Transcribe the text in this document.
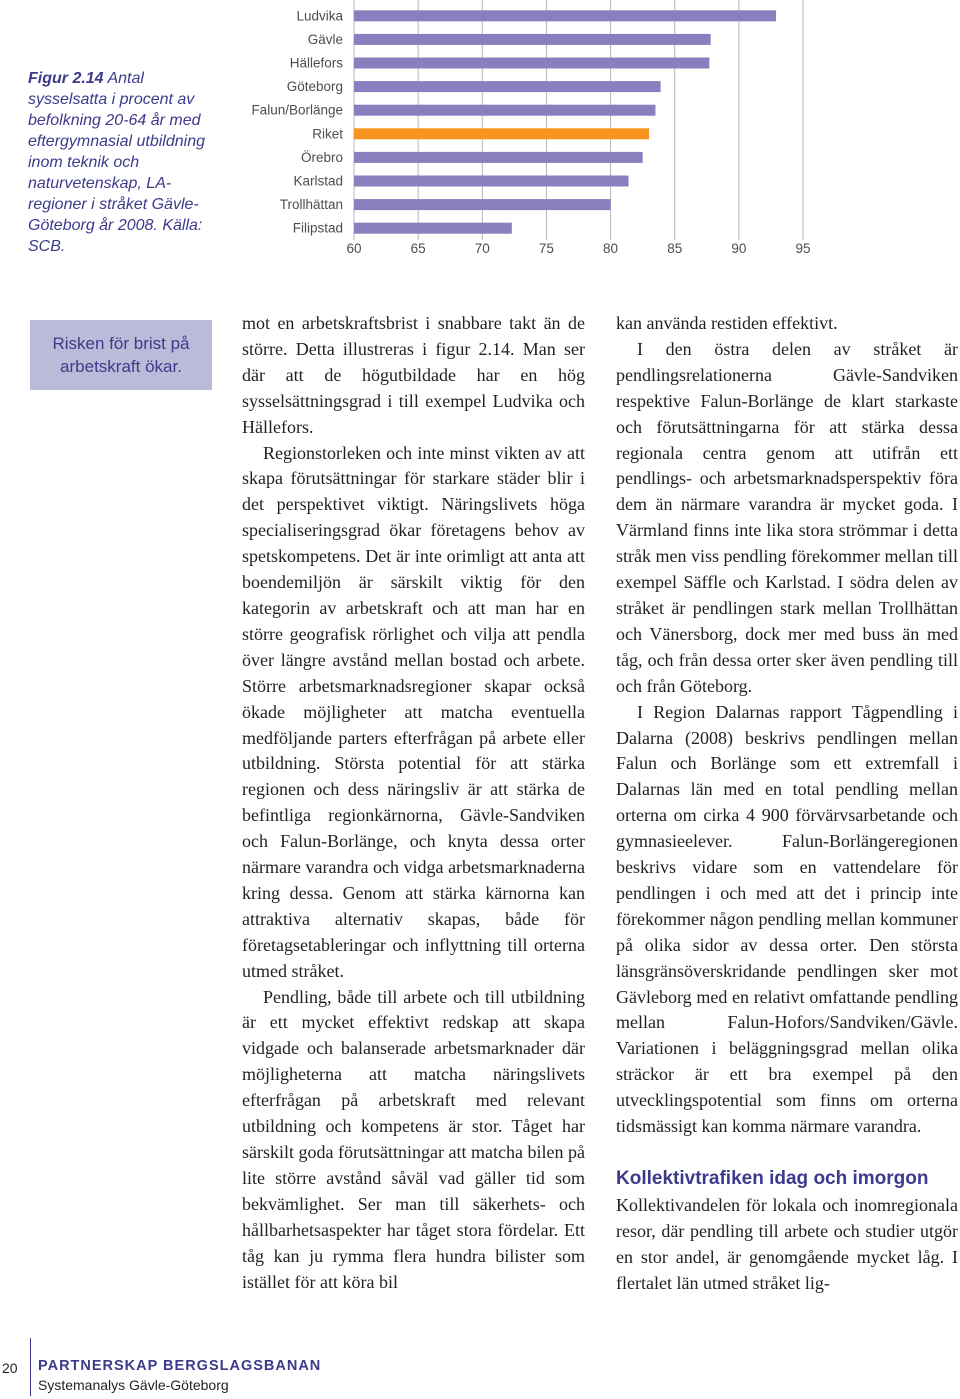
Figur 2.14 Antal sysselsatta i procent av befolkning 20-64 år med eftergymnasial utbildning inom teknik och naturvetenskap, LA-regioner i stråket Gävle-Göteborg år 2008. Källa: SCB.
Ludvika
Gävle
Hällefors
Göteborg
Falun/Borlänge
Riket
Örebro
Karlstad
Trollhättan
Filipstad
60	65	70	75	80	85	90	95
Risken för brist på arbetskraft ökar.

mot en arbetskraftsbrist i snabbare takt än de större. Detta illustreras i figur 2.14. Man ser där att de högutbildade har en hög sysselsättningsgrad i till exempel Ludvika och Hällefors.

Regionstorleken och inte minst vikten av att skapa förutsättningar för starkare städer blir i det perspektivet viktigt. Näringslivets höga specialiseringsgrad ökar företagens behov av spetskompetens. Det är inte orimligt att anta att boendemiljön är särskilt viktig för den kategorin av arbetskraft och att man har en större geografisk rörlighet och vilja att pendla över längre avstånd mellan bostad och arbete. Större arbetsmarknadsregioner skapar också ökade möjligheter att matcha eventuella medföljande parters efterfrågan på arbete eller utbildning. Största potential för att stärka regionen och dess näringsliv är att stärka de befintliga regionkärnorna, Gävle-Sandviken och Falun-Borlänge, och knyta dessa orter närmare varandra och vidga arbetsmarknaderna kring dessa. Genom att stärka kärnorna kan attraktiva alternativ skapas, både för företagsetableringar och inflyttning till orterna utmed stråket.

Pendling, både till arbete och till utbildning är ett mycket effektivt redskap att skapa vidgade och balanserade arbetsmarknader där möjligheterna att matcha näringslivets efterfrågan på arbetskraft med relevant utbildning och kompetens är stor. Tåget har särskilt goda förutsättningar att matcha bilen på lite större avstånd såväl vad gäller tid som bekvämlighet. Ser man till säkerhets- och hållbarhetsaspekter har tåget stora fördelar. Ett tåg kan ju rymma flera hundra bilister som istället för att köra bil

kan använda restiden effektivt.

I den östra delen av stråket är pendlingsrelationerna Gävle-Sandviken respektive Falun-Borlänge de klart starkaste och förutsättningarna för att stärka dessa regionala centra genom att utifrån ett pendlings- och arbetsmarknadsperspektiv föra dem än närmare varandra är mycket goda. I Värmland finns inte lika stora strömmar i detta stråk men viss pendling förekommer mellan till exempel Säffle och Karlstad. I södra delen av stråket är pendlingen stark mellan Trollhättan och Vänersborg, dock mer med buss än med tåg, och från dessa orter sker även pendling till och från Göteborg.

I Region Dalarnas rapport Tågpendling i Dalarna (2008) beskrivs pendlingen mellan Falun och Borlänge som ett extremfall i Dalarnas län med en total pendling mellan orterna om cirka 4 900 förvärvsarbetande och gymnasieelever. Falun-Borlängeregionen beskrivs vidare som en vattendelare för pendlingen i och med att det i princip inte förekommer någon pendling mellan kommuner på olika sidor av dessa orter. Den största länsgränsöverskridande pendlingen sker mot Gävleborg med en relativt omfattande pendling mellan Falun-Hofors/Sandviken/Gävle. Variationen i beläggningsgrad mellan olika sträckor är ett bra exempel på den utvecklingspotential som finns om orterna tidsmässigt kan komma närmare varandra.

Kollektivtrafiken idag och imorgon

Kollektivandelen för lokala och inomregionala resor, där pendling till arbete och studier utgör en stor andel, är genomgående mycket låg. I flertalet län utmed stråket lig-

20 PARTNERSKAP BERGSLAGSBANAN
Systemanalys Gävle-Göteborg
